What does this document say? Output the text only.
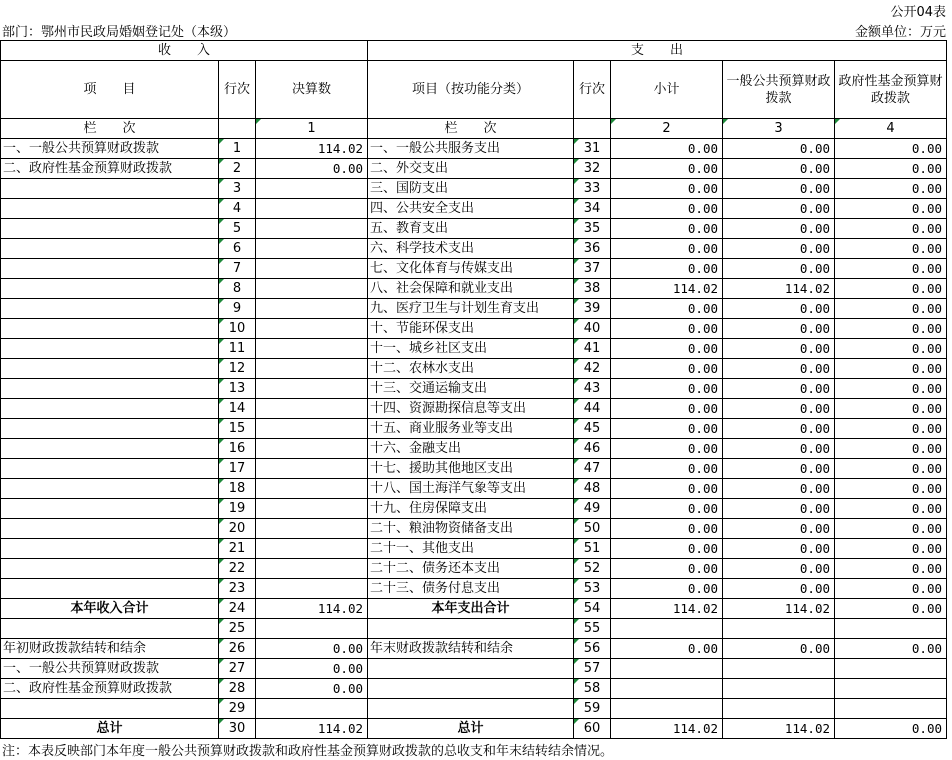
公开04表
部门：鄂州市民政局婚姻登记处（本级）	金额单位：万元
收　　入			支　　出				
项　　目	行次	决算数	项目（按功能分类）	行次	小计	一般公共预算财政拨款	政府性基金预算财政拨款
栏　　次		1	栏　　次		2	3	4
一、一般公共预算财政拨款	1	114.02	一、一般公共服务支出	31	0.00	0.00	0.00
二、政府性基金预算财政拨款	2	0.00	二、外交支出	32	0.00	0.00	0.00
	3		三、国防支出	33	0.00	0.00	0.00
	4		四、公共安全支出	34	0.00	0.00	0.00
	5		五、教育支出	35	0.00	0.00	0.00
	6		六、科学技术支出	36	0.00	0.00	0.00
	7		七、文化体育与传媒支出	37	0.00	0.00	0.00
	8		八、社会保障和就业支出	38	114.02	114.02	0.00
	9		九、医疗卫生与计划生育支出	39	0.00	0.00	0.00
	10		十、节能环保支出	40	0.00	0.00	0.00
	11		十一、城乡社区支出	41	0.00	0.00	0.00
	12		十二、农林水支出	42	0.00	0.00	0.00
	13		十三、交通运输支出	43	0.00	0.00	0.00
	14		十四、资源勘探信息等支出	44	0.00	0.00	0.00
	15		十五、商业服务业等支出	45	0.00	0.00	0.00
	16		十六、金融支出	46	0.00	0.00	0.00
	17		十七、援助其他地区支出	47	0.00	0.00	0.00
	18		十八、国土海洋气象等支出	48	0.00	0.00	0.00
	19		十九、住房保障支出	49	0.00	0.00	0.00
	20		二十、粮油物资储备支出	50	0.00	0.00	0.00
	21		二十一、其他支出	51	0.00	0.00	0.00
	22		二十二、债务还本支出	52	0.00	0.00	0.00
	23		二十三、债务付息支出	53	0.00	0.00	0.00
本年收入合计	24	114.02	本年支出合计	54	114.02	114.02	0.00
	25			55			
年初财政拨款结转和结余	26	0.00	年末财政拨款结转和结余	56	0.00	0.00	0.00
一、一般公共预算财政拨款	27	0.00		57			
二、政府性基金预算财政拨款	28	0.00		58			
	29			59			
总计	30	114.02	总计	60	114.02	114.02	0.00
注：本表反映部门本年度一般公共预算财政拨款和政府性基金预算财政拨款的总收支和年末结转结余情况。
